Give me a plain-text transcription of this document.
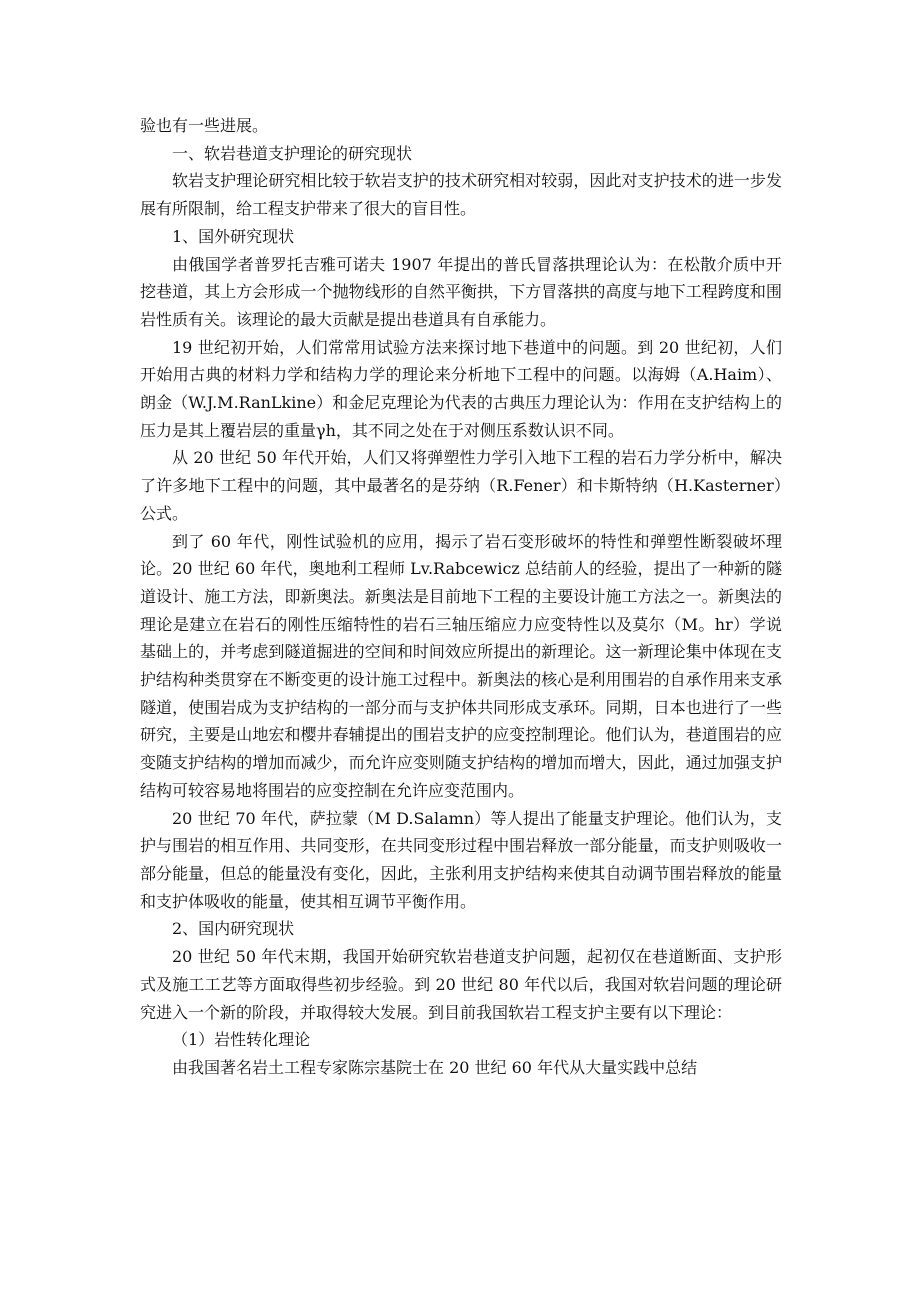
验也有一些进展。

一、软岩巷道支护理论的研究现状

软岩支护理论研究相比较于软岩支护的技术研究相对较弱，因此对支护技术的进一步发展有所限制，给工程支护带来了很大的盲目性。

1、国外研究现状

由俄国学者普罗托吉雅可诺夫 1907 年提出的普氏冒落拱理论认为：在松散介质中开挖巷道，其上方会形成一个抛物线形的自然平衡拱，下方冒落拱的高度与地下工程跨度和围岩性质有关。该理论的最大贡献是提出巷道具有自承能力。

19 世纪初开始，人们常常用试验方法来探讨地下巷道中的问题。到 20 世纪初，人们开始用古典的材料力学和结构力学的理论来分析地下工程中的问题。以海姆（A.Haim）、朗金（W.J.M.RanLkine）和金尼克理论为代表的古典压力理论认为：作用在支护结构上的压力是其上覆岩层的重量γh，其不同之处在于对侧压系数认识不同。

从 20 世纪 50 年代开始，人们又将弹塑性力学引入地下工程的岩石力学分析中，解决了许多地下工程中的问题，其中最著名的是芬纳（R.Fener）和卡斯特纳（H.Kasterner）公式。

到了 60 年代，刚性试验机的应用，揭示了岩石变形破坏的特性和弹塑性断裂破坏理论。20 世纪 60 年代，奥地利工程师 Lv.Rabcewicz 总结前人的经验，提出了一种新的隧道设计、施工方法，即新奥法。新奥法是目前地下工程的主要设计施工方法之一。新奥法的理论是建立在岩石的刚性压缩特性的岩石三轴压缩应力应变特性以及莫尔（M。hr）学说基础上的，并考虑到隧道掘进的空间和时间效应所提出的新理论。这一新理论集中体现在支护结构种类贯穿在不断变更的设计施工过程中。新奥法的核心是利用围岩的自承作用来支承隧道，使围岩成为支护结构的一部分而与支护体共同形成支承环。同期，日本也进行了一些研究，主要是山地宏和樱井春辅提出的围岩支护的应变控制理论。他们认为，巷道围岩的应变随支护结构的增加而减少，而允许应变则随支护结构的增加而增大，因此，通过加强支护结构可较容易地将围岩的应变控制在允许应变范围内。

20 世纪 70 年代，萨拉蒙（M D.Salamn）等人提出了能量支护理论。他们认为，支护与围岩的相互作用、共同变形，在共同变形过程中围岩释放一部分能量，而支护则吸收一部分能量，但总的能量没有变化，因此，主张利用支护结构来使其自动调节围岩释放的能量和支护体吸收的能量，使其相互调节平衡作用。

2、国内研究现状

20 世纪 50 年代末期，我国开始研究软岩巷道支护问题，起初仅在巷道断面、支护形式及施工工艺等方面取得些初步经验。到 20 世纪 80 年代以后，我国对软岩问题的理论研究进入一个新的阶段，并取得较大发展。到目前我国软岩工程支护主要有以下理论：

（1）岩性转化理论

由我国著名岩土工程专家陈宗基院士在 20 世纪 60 年代从大量实践中总结
